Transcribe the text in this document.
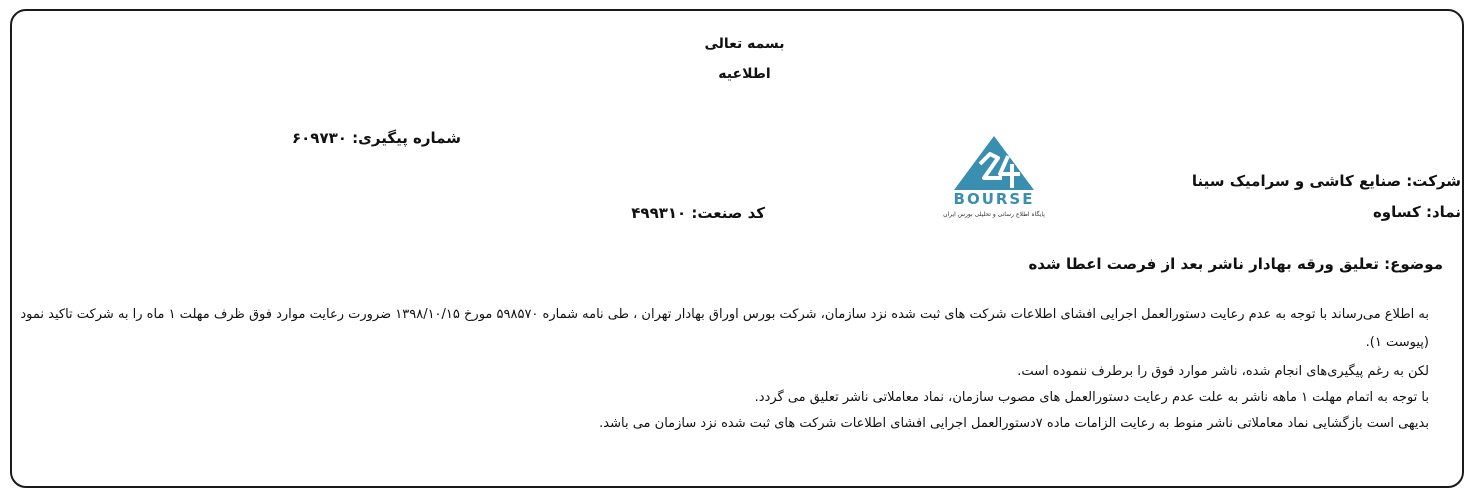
بسمه تعالی
اطلاعیه
شماره پیگیری: ۶۰۹۷۳۰
کد صنعت: ۴۹۹۳۱۰
شرکت: صنایع کاشی و سرامیک سینا
نماد: کساوه
BOURSE
پایگاه اطلاع رسانی و تحلیلی بورس ایران
موضوع: تعلیق ورقه بهادار ناشر بعد از فرصت اعطا شده
به اطلاع می‌رساند با توجه به عدم رعایت دستورالعمل اجرایی افشای اطلاعات شرکت های ثبت شده نزد سازمان، شرکت بورس اوراق بهادار تهران ، طی نامه شماره ۵۹۸۵۷۰ مورخ ۱۳۹۸/۱۰/۱۵ ضرورت رعایت موارد فوق ظرف مهلت ۱ ماه را به شرکت تاکید نمود
(پیوست ۱).
لکن به رغم پیگیری‌های انجام شده، ناشر موارد فوق را برطرف ننموده است.
با توجه به اتمام مهلت ۱ ماهه ناشر به علت عدم رعایت دستورالعمل های مصوب سازمان، نماد معاملاتی ناشر تعلیق می گردد.
بدیهی است بازگشایی نماد معاملاتی ناشر منوط به رعایت الزامات ماده ۷دستورالعمل اجرایی افشای اطلاعات شرکت های ثبت شده نزد سازمان می باشد.
